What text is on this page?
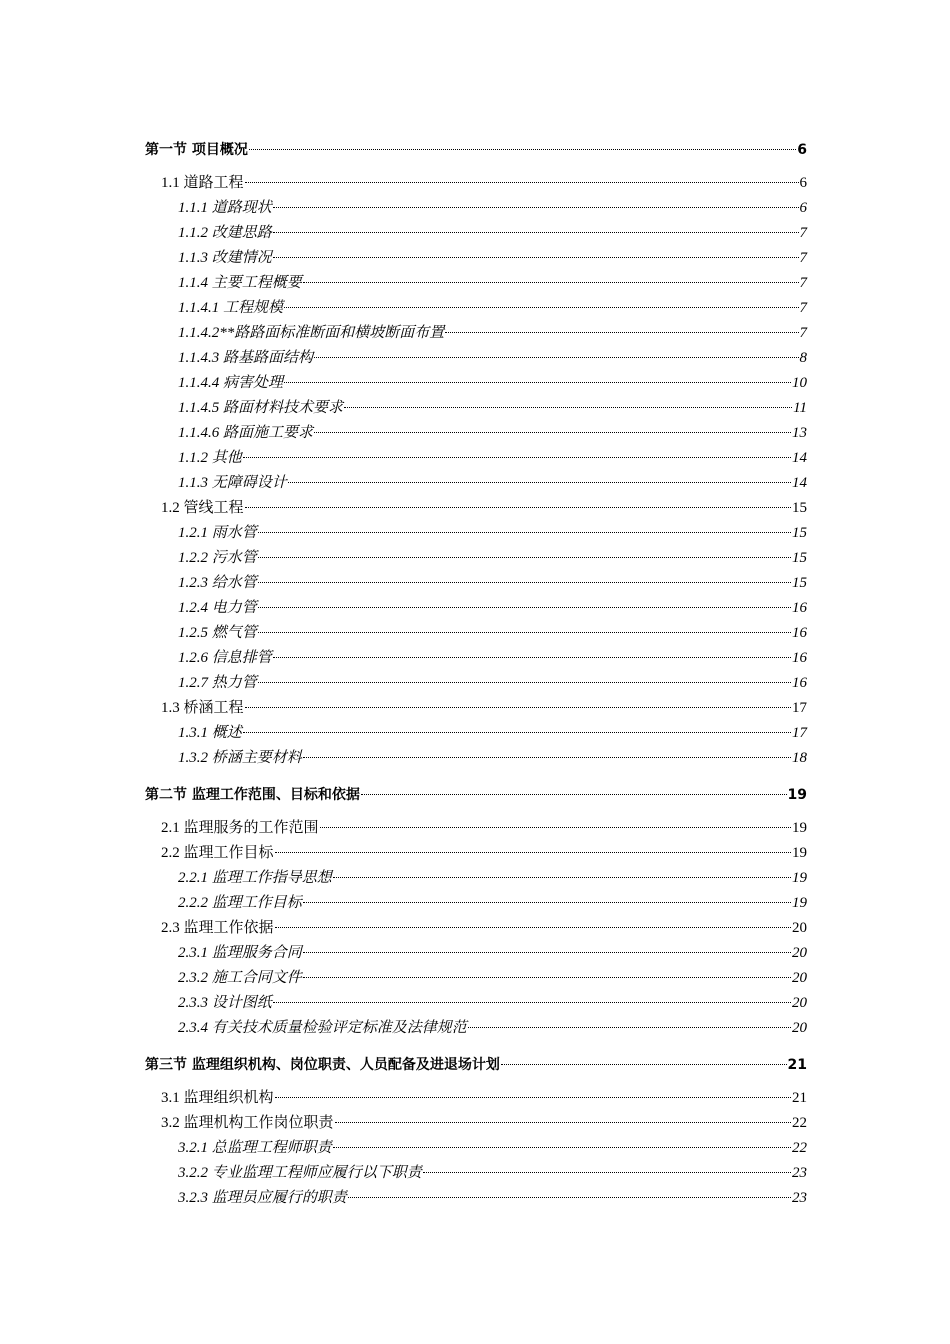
第一节 项目概况	6
1.1 道路工程	6
1.1.1 道路现状	6
1.1.2 改建思路	7
1.1.3 改建情况	7
1.1.4 主要工程概要	7
1.1.4.1 工程规模	7
1.1.4.2**路路面标准断面和横坡断面布置	7
1.1.4.3 路基路面结构	8
1.1.4.4 病害处理	10
1.1.4.5 路面材料技术要求	11
1.1.4.6 路面施工要求	13
1.1.2 其他	14
1.1.3 无障碍设计	14
1.2 管线工程	15
1.2.1 雨水管	15
1.2.2 污水管	15
1.2.3 给水管	15
1.2.4 电力管	16
1.2.5 燃气管	16
1.2.6 信息排管	16
1.2.7 热力管	16
1.3 桥涵工程	17
1.3.1 概述	17
1.3.2 桥涵主要材料	18
第二节 监理工作范围、目标和依据	19
2.1 监理服务的工作范围	19
2.2 监理工作目标	19
2.2.1 监理工作指导思想	19
2.2.2 监理工作目标	19
2.3 监理工作依据	20
2.3.1 监理服务合同	20
2.3.2 施工合同文件	20
2.3.3 设计图纸	20
2.3.4 有关技术质量检验评定标准及法律规范	20
第三节 监理组织机构、岗位职责、人员配备及进退场计划	21
3.1 监理组织机构	21
3.2 监理机构工作岗位职责	22
3.2.1 总监理工程师职责	22
3.2.2 专业监理工程师应履行以下职责	23
3.2.3 监理员应履行的职责	23
